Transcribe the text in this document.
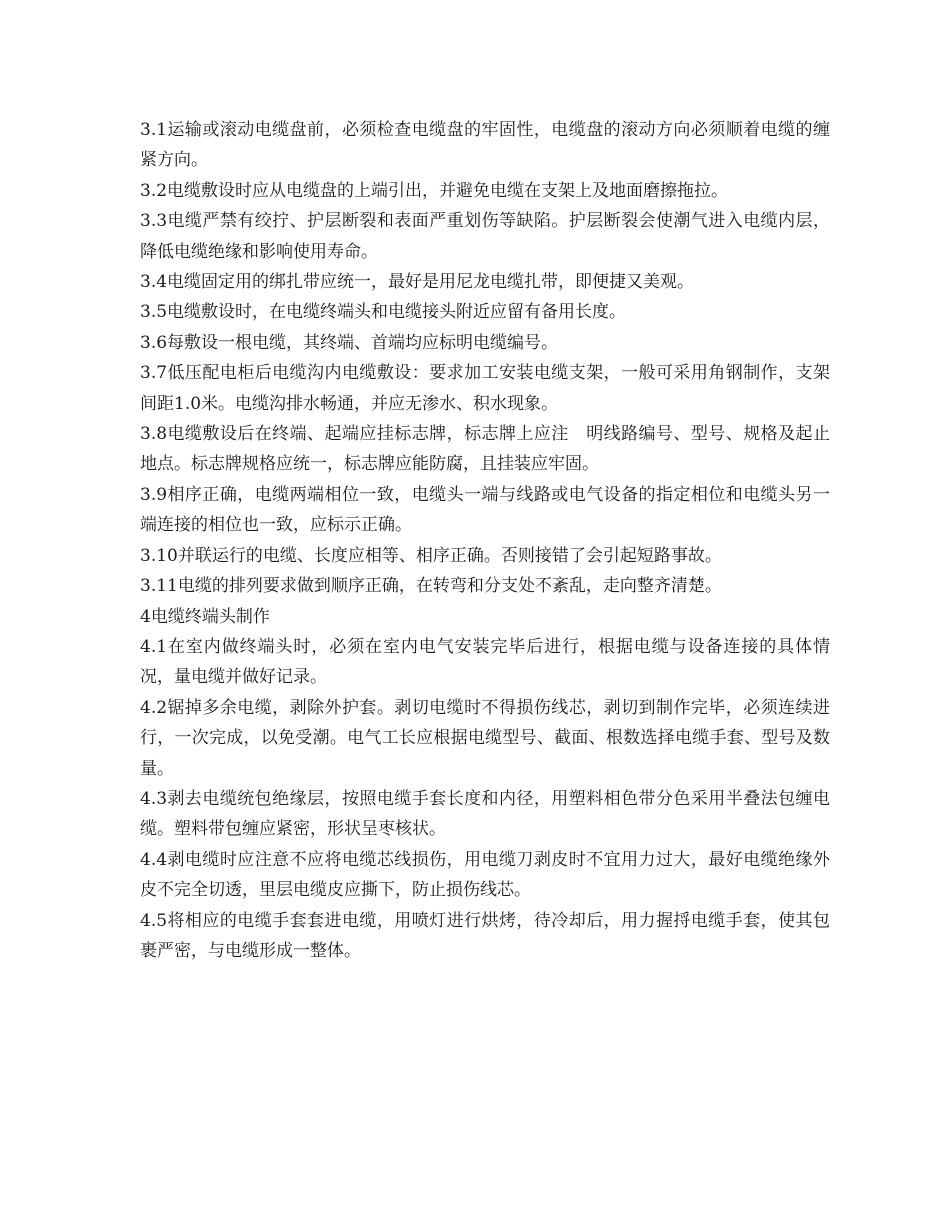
3.1运输或滚动电缆盘前，必须检查电缆盘的牢固性，电缆盘的滚动方向必须顺着电缆的缠紧方向。

3.2电缆敷设时应从电缆盘的上端引出，并避免电缆在支架上及地面磨擦拖拉。

3.3电缆严禁有绞拧、护层断裂和表面严重划伤等缺陷。护层断裂会使潮气进入电缆内层，降低电缆绝缘和影响使用寿命。

3.4电缆固定用的绑扎带应统一，最好是用尼龙电缆扎带，即便捷又美观。

3.5电缆敷设时，在电缆终端头和电缆接头附近应留有备用长度。

3.6每敷设一根电缆，其终端、首端均应标明电缆编号。

3.7低压配电柜后电缆沟内电缆敷设：要求加工安装电缆支架，一般可采用角钢制作，支架间距1.0米。电缆沟排水畅通，并应无渗水、积水现象。

3.8电缆敷设后在终端、起端应挂标志牌，标志牌上应注　明线路编号、型号、规格及起止地点。标志牌规格应统一，标志牌应能防腐，且挂装应牢固。

3.9相序正确，电缆两端相位一致，电缆头一端与线路或电气设备的指定相位和电缆头另一端连接的相位也一致，应标示正确。

3.10并联运行的电缆、长度应相等、相序正确。否则接错了会引起短路事故。

3.11电缆的排列要求做到顺序正确，在转弯和分支处不紊乱，走向整齐清楚。

4电缆终端头制作

4.1在室内做终端头时，必须在室内电气安装完毕后进行，根据电缆与设备连接的具体情况，量电缆并做好记录。

4.2锯掉多余电缆，剥除外护套。剥切电缆时不得损伤线芯，剥切到制作完毕，必须连续进行，一次完成，以免受潮。电气工长应根据电缆型号、截面、根数选择电缆手套、型号及数量。

4.3剥去电缆统包绝缘层，按照电缆手套长度和内径，用塑料相色带分色采用半叠法包缠电缆。塑料带包缠应紧密，形状呈枣核状。

4.4剥电缆时应注意不应将电缆芯线损伤，用电缆刀剥皮时不宜用力过大，最好电缆绝缘外皮不完全切透，里层电缆皮应撕下，防止损伤线芯。

4.5将相应的电缆手套套进电缆，用喷灯进行烘烤，待冷却后，用力握捋电缆手套，使其包裹严密，与电缆形成一整体。
